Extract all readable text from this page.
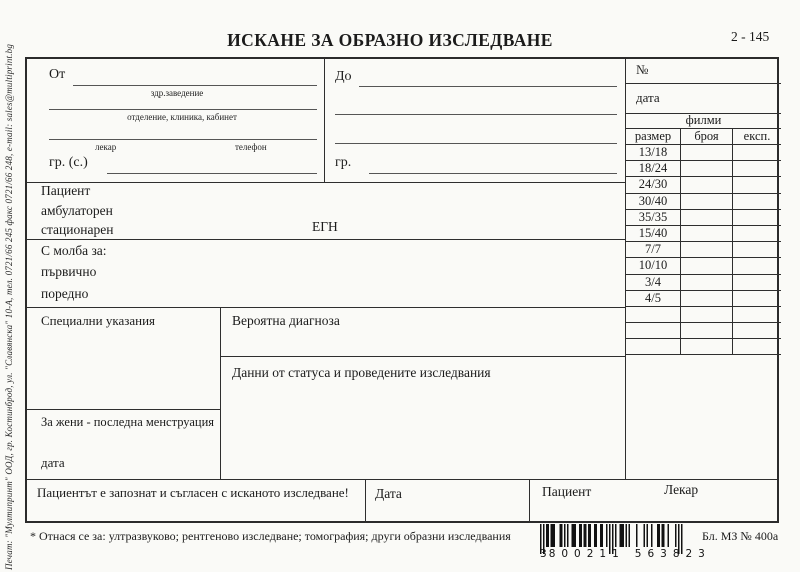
Печат: "Мултипринт" ООД, гр. Костинброд, ул. "Славянска" 10-А, тел. 0721/66 245 факс 0721/66 248, e-mail: sales@multiprint.bg
ИСКАНЕ ЗА ОБРАЗНО ИЗСЛЕДВАНЕ	2 - 145
От
здр.заведение
отделение, клиника, кабинет
лекар	телефон
гр. (с.)
До
гр.
№
дата
филми
размер	броя	експ.
13/18
18/24
24/30
30/40
35/35
15/40
7/7
10/10
3/4
4/5
Пациент
амбулаторен
стационарен	ЕГН
С молба за:
първично
поредно
Специални указания	Вероятна диагноза
Данни от статуса и проведените изследвания
За жени - последна менструация
дата
Пациентът е запознат и съгласен с исканото изследване!	Дата	Пациент	Лекар
* Отнася се за: ултразвуково; рентгеново изследване; томография; други образни изследвания
3 800211 563823
Бл. МЗ № 400а
